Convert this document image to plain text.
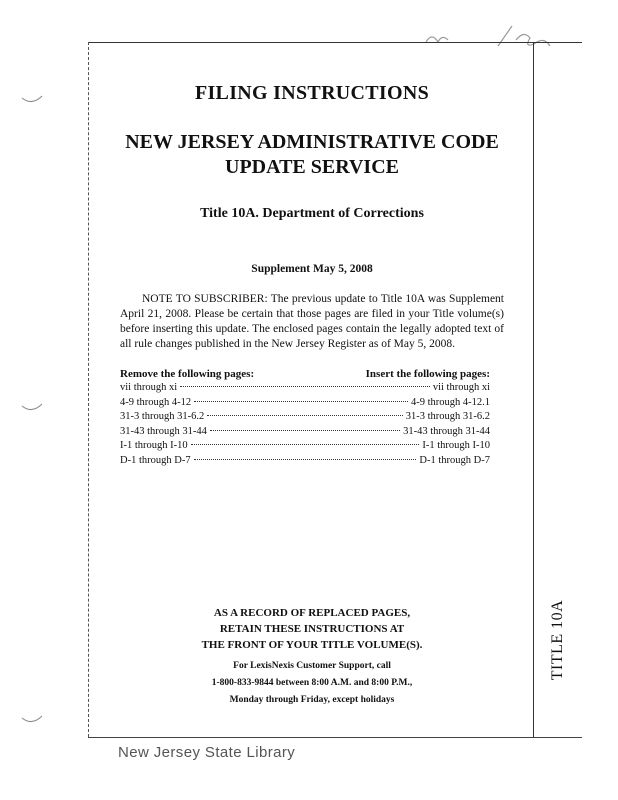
FILING INSTRUCTIONS
NEW JERSEY ADMINISTRATIVE CODE
UPDATE SERVICE
Title 10A. Department of Corrections
Supplement May 5, 2008
NOTE TO SUBSCRIBER: The previous update to Title 10A was Supplement April 21, 2008. Please be certain that those pages are filed in your Title volume(s) before inserting this update. The enclosed pages contain the legally adopted text of all rule changes published in the New Jersey Register as of May 5, 2008.
Remove the following pages:	Insert the following pages:
vii through xi	vii through xi
4-9 through 4-12	4-9 through 4-12.1
31-3 through 31-6.2	31-3 through 31-6.2
31-43 through 31-44	31-43 through 31-44
I-1 through I-10	I-1 through I-10
D-1 through D-7	D-1 through D-7
AS A RECORD OF REPLACED PAGES,
RETAIN THESE INSTRUCTIONS AT
THE FRONT OF YOUR TITLE VOLUME(S).
For LexisNexis Customer Support, call
1-800-833-9844 between 8:00 A.M. and 8:00 P.M.,
Monday through Friday, except holidays
TITLE 10A
New Jersey State Library
